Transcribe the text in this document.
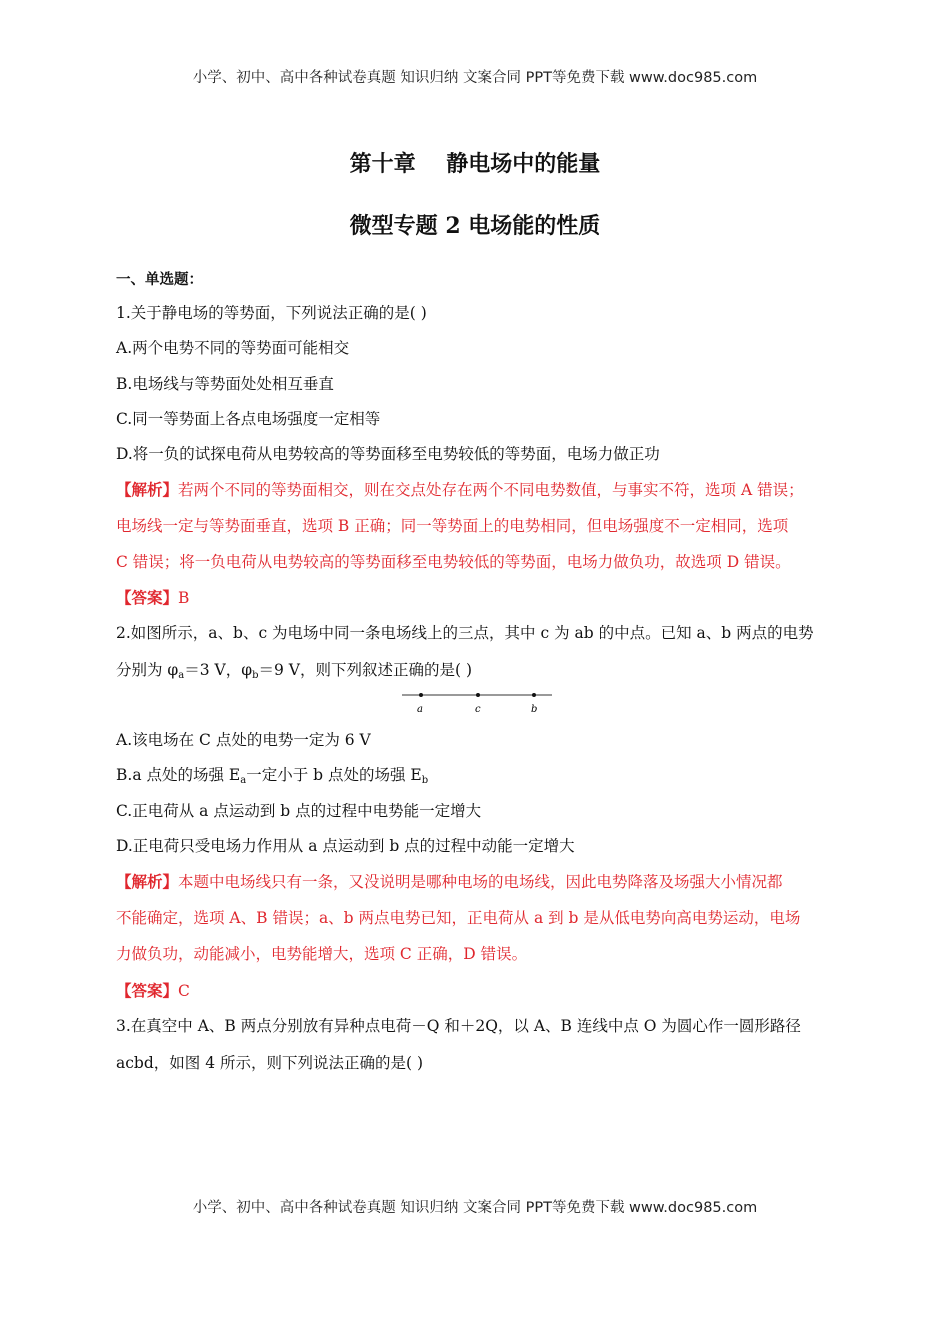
小学、初中、高中各种试卷真题 知识归纳 文案合同 PPT等免费下载 www.doc985.com
第十章    静电场中的能量
微型专题 2 电场能的性质
一、单选题：
1.关于静电场的等势面，下列说法正确的是( )
A.两个电势不同的等势面可能相交
B.电场线与等势面处处相互垂直
C.同一等势面上各点电场强度一定相等
D.将一负的试探电荷从电势较高的等势面移至电势较低的等势面，电场力做正功
【解析】若两个不同的等势面相交，则在交点处存在两个不同电势数值，与事实不符，选项 A 错误；
电场线一定与等势面垂直，选项 B 正确；同一等势面上的电势相同，但电场强度不一定相同，选项
C 错误；将一负电荷从电势较高的等势面移至电势较低的等势面，电场力做负功，故选项 D 错误。
【答案】B
2.如图所示，a、b、c 为电场中同一条电场线上的三点，其中 c 为 ab 的中点。已知 a、b 两点的电势
分别为 $\varphi_a=3$ V，$\varphi_b=9$ V，则下列叙述正确的是( )
a	c	b
A.该电场在 C 点处的电势一定为 6 V
B.a 点处的场强 $E_a$一定小于 b 点处的场强 $E_b$
C.正电荷从 a 点运动到 b 点的过程中电势能一定增大
D.正电荷只受电场力作用从 a 点运动到 b 点的过程中动能一定增大
【解析】本题中电场线只有一条，又没说明是哪种电场的电场线，因此电势降落及场强大小情况都
不能确定，选项 A、B 错误；a、b 两点电势已知，正电荷从 a 到 b 是从低电势向高电势运动，电场
力做负功，动能减小，电势能增大，选项 C 正确，D 错误。
【答案】C
3.在真空中 A、B 两点分别放有异种点电荷－Q 和＋2Q，以 A、B 连线中点 O 为圆心作一圆形路径
acbd，如图 4 所示，则下列说法正确的是( )
小学、初中、高中各种试卷真题 知识归纳 文案合同 PPT等免费下载 www.doc985.com
